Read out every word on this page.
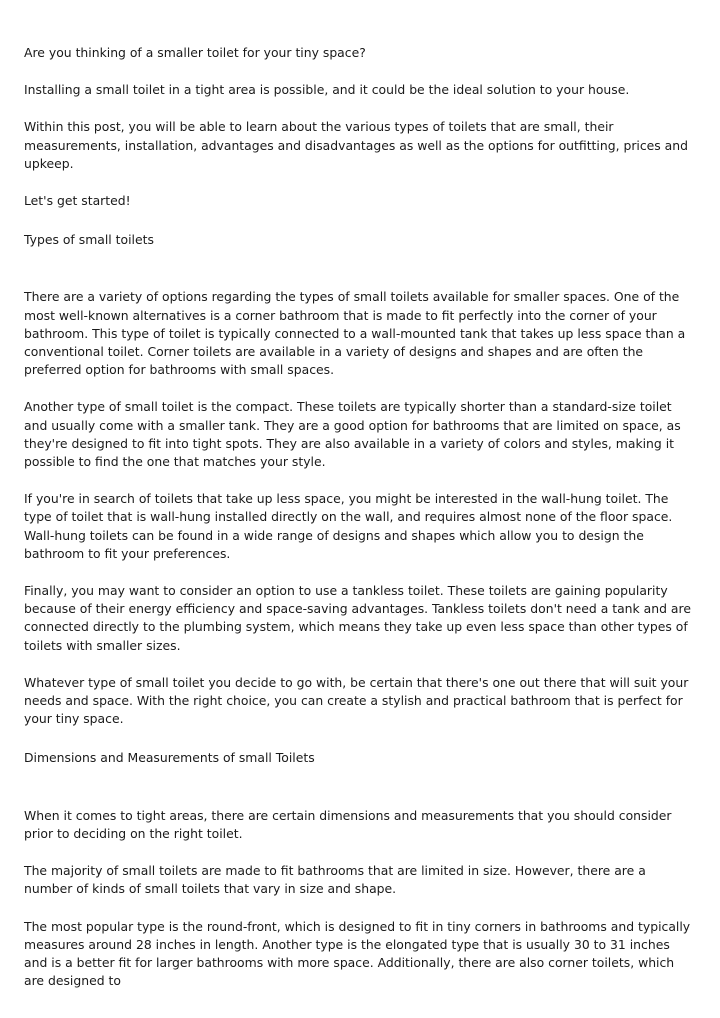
Are you thinking of a smaller toilet for your tiny space?

Installing a small toilet in a tight area is possible, and it could be the ideal solution to your house.

Within this post, you will be able to learn about the various types of toilets that are small, their measurements, installation, advantages and disadvantages as well as the options for outfitting, prices and upkeep.

Let's get started!

Types of small toilets

There are a variety of options regarding the types of small toilets available for smaller spaces. One of the most well-known alternatives is a corner bathroom that is made to fit perfectly into the corner of your bathroom. This type of toilet is typically connected to a wall-mounted tank that takes up less space than a conventional toilet. Corner toilets are available in a variety of designs and shapes and are often the preferred option for bathrooms with small spaces.

Another type of small toilet is the compact. These toilets are typically shorter than a standard-size toilet and usually come with a smaller tank. They are a good option for bathrooms that are limited on space, as they're designed to fit into tight spots. They are also available in a variety of colors and styles, making it possible to find the one that matches your style.

If you're in search of toilets that take up less space, you might be interested in the wall-hung toilet. The type of toilet that is wall-hung installed directly on the wall, and requires almost none of the floor space. Wall-hung toilets can be found in a wide range of designs and shapes which allow you to design the bathroom to fit your preferences.

Finally, you may want to consider an option to use a tankless toilet. These toilets are gaining popularity because of their energy efficiency and space-saving advantages. Tankless toilets don't need a tank and are connected directly to the plumbing system, which means they take up even less space than other types of toilets with smaller sizes.

Whatever type of small toilet you decide to go with, be certain that there's one out there that will suit your needs and space. With the right choice, you can create a stylish and practical bathroom that is perfect for your tiny space.

Dimensions and Measurements of small Toilets

When it comes to tight areas, there are certain dimensions and measurements that you should consider prior to deciding on the right toilet.

The majority of small toilets are made to fit bathrooms that are limited in size. However, there are a number of kinds of small toilets that vary in size and shape.

The most popular type is the round-front, which is designed to fit in tiny corners in bathrooms and typically measures around 28 inches in length. Another type is the elongated type that is usually 30 to 31 inches and is a better fit for larger bathrooms with more space. Additionally, there are also corner toilets, which are designed to
